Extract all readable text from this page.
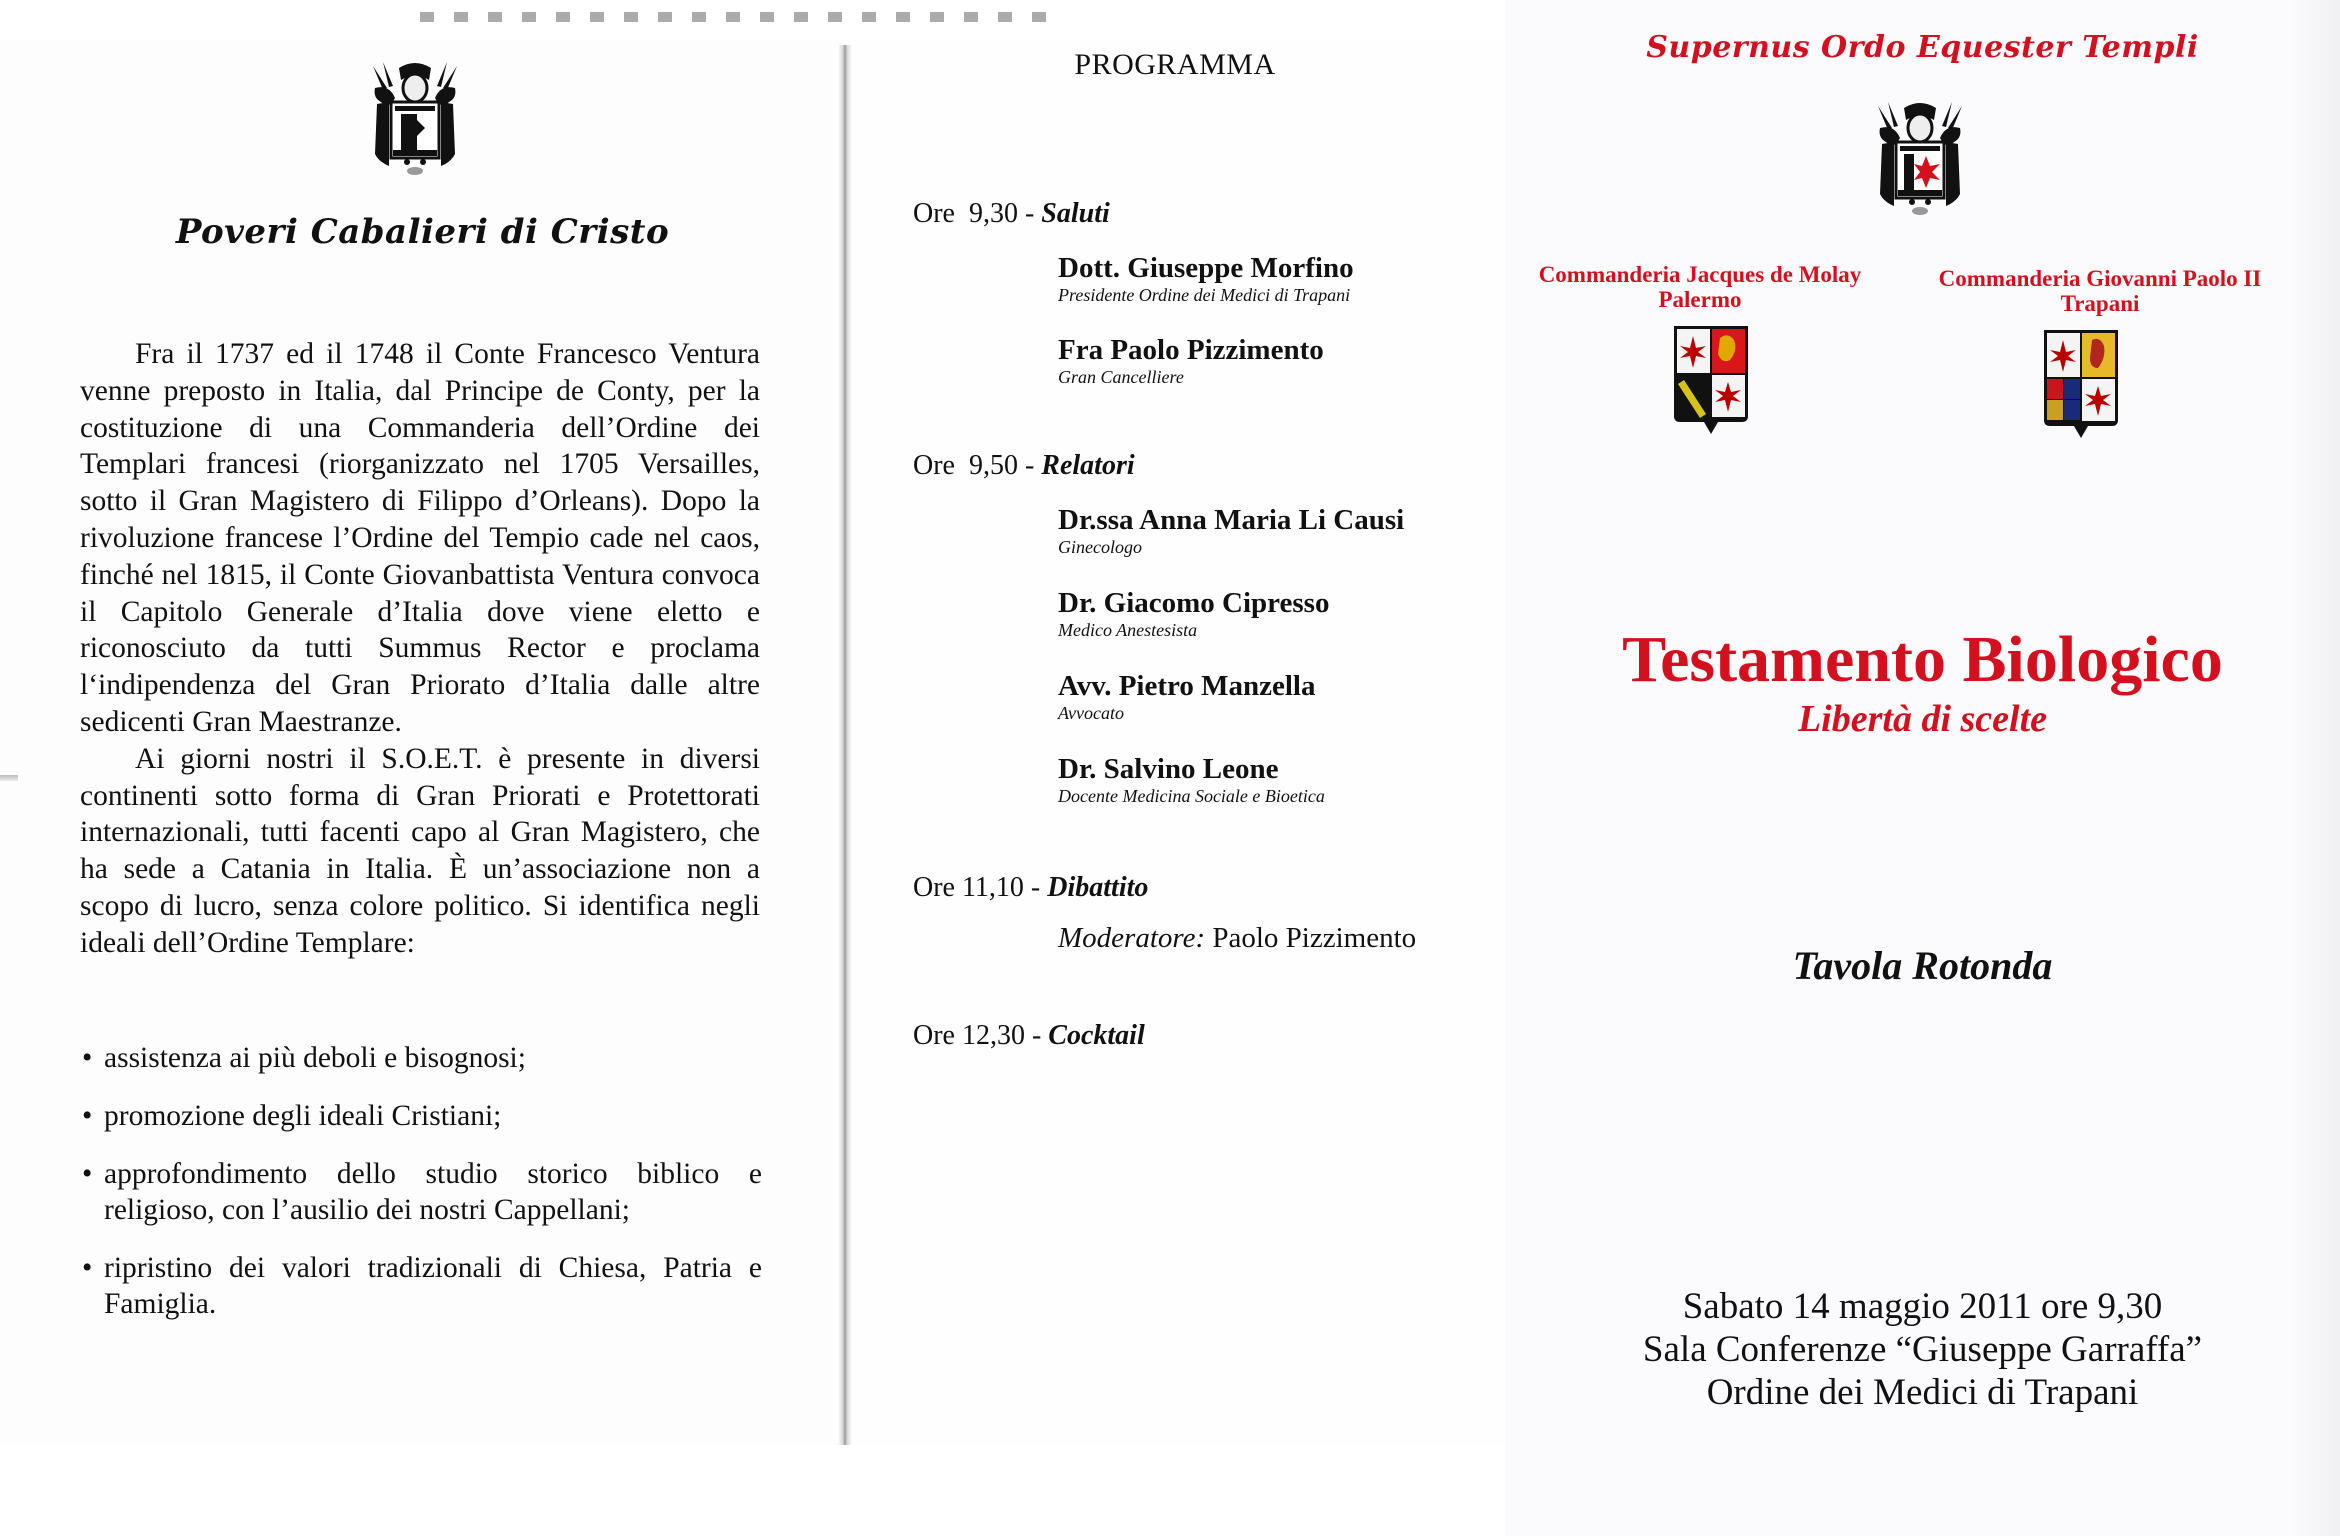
Poveri Cabalieri di Cristo

Fra il 1737 ed il 1748 il Conte Francesco Ventura venne preposto in Italia, dal Principe de Conty, per la costituzione di una Commanderia dell’Ordine dei Templari francesi (riorganizzato nel 1705 Versailles, sotto il Gran Magistero di Filippo d’Orleans). Dopo la rivoluzione francese l’Ordine del Tempio cade nel caos, finché nel 1815, il Conte Giovanbattista Ventura convoca il Capitolo Generale d’Italia dove viene eletto e riconosciuto da tutti Summus Rector e proclama l‘indipendenza del Gran Priorato d’Italia dalle altre sedicenti Gran Maestranze.

Ai giorni nostri il S.O.E.T. è presente in diversi continenti sotto forma di Gran Priorati e Protettorati internazionali, tutti facenti capo al Gran Magistero, che ha sede a Catania in Italia. È un’associazione non a scopo di lucro, senza colore politico. Si identifica negli ideali dell’Ordine Templare:

• assistenza ai più deboli e bisognosi;
• promozione degli ideali Cristiani;
• approfondimento dello studio storico biblico e religioso, con l’ausilio dei nostri Cappellani;
• ripristino dei valori tradizionali di Chiesa, Patria e Famiglia.
PROGRAMMA
Ore  9,30 - Saluti
Dott. Giuseppe Morfino
Presidente Ordine dei Medici di Trapani
Fra Paolo Pizzimento
Gran Cancelliere
Ore  9,50 - Relatori
Dr.ssa Anna Maria Li Causi
Ginecologo
Dr. Giacomo Cipresso
Medico Anestesista
Avv. Pietro Manzella
Avvocato
Dr. Salvino Leone
Docente Medicina Sociale e Bioetica
Ore 11,10 - Dibattito
Moderatore: Paolo Pizzimento
Ore 12,30 - Cocktail
Supernus Ordo Equester Templi
Commanderia Jacques de Molay
Palermo
Commanderia Giovanni Paolo II
Trapani
Testamento Biologico
Libertà di scelte
Tavola Rotonda
Sabato 14 maggio 2011 ore 9,30
Sala Conferenze “Giuseppe Garraffa”
Ordine dei Medici di Trapani
